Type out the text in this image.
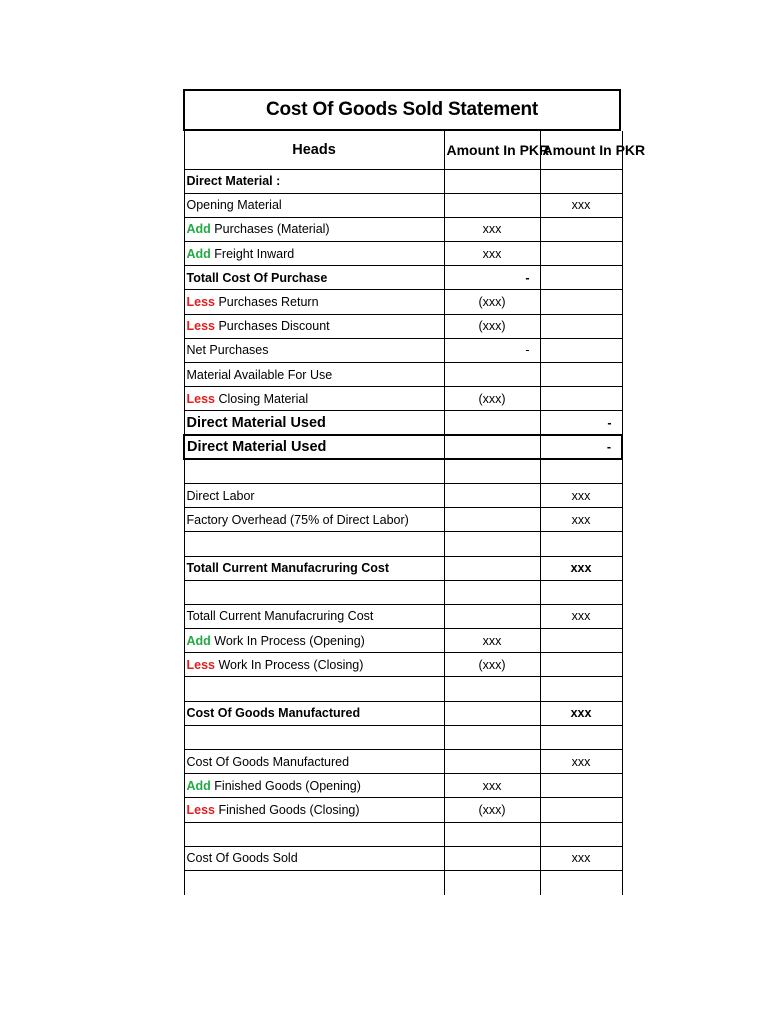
Cost Of Goods Sold Statement
Heads	Amount In PKR	Amount In PKR
Direct Material :		
Opening Material		xxx
Add Purchases (Material)	xxx	
Add Freight Inward	xxx	
Totall Cost Of Purchase	-	
Less Purchases Return	(xxx)	
Less Purchases Discount	(xxx)	
Net Purchases	-	
Material Available For Use		
Less Closing Material	(xxx)	
Direct Material Used		-
Direct Material Used		-

Direct Labor		xxx
Factory Overhead (75% of Direct Labor)		xxx

Totall Current Manufacruring Cost		xxx

Totall Current Manufacruring Cost		xxx
Add Work In Process (Opening)	xxx	
Less Work In Process (Closing)	(xxx)	

Cost Of Goods Manufactured		xxx

Cost Of Goods Manufactured		xxx
Add Finished Goods (Opening)	xxx	
Less Finished Goods (Closing)	(xxx)	

Cost Of Goods Sold		xxx
